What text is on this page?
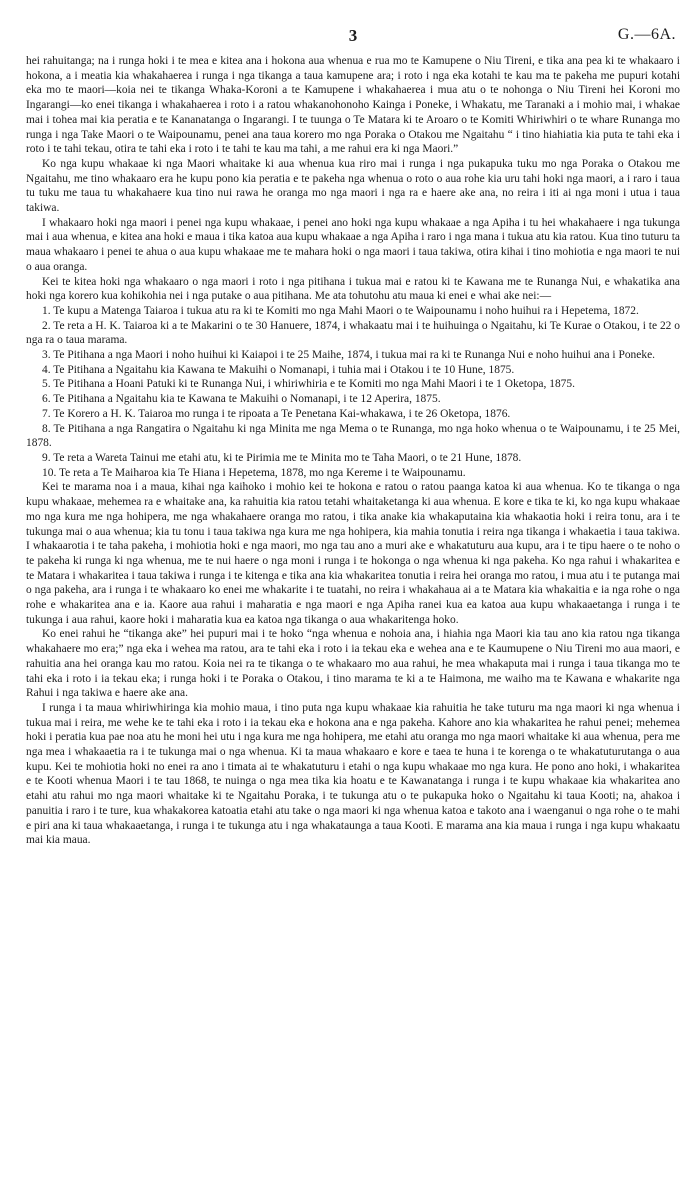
3	G.—6A.

hei rahuitanga; na i runga hoki i te mea e kitea ana i hokona aua whenua e rua mo te Kamupene o Niu Tireni, e tika ana pea ki te whakaaro i hokona, a i meatia kia whakahaerea i runga i nga tikanga a taua kamupene ara; i roto i nga eka kotahi te kau ma te pakeha me pupuri kotahi eka mo te maori—koia nei te tikanga Whaka-Koroni a te Kamupene i whakahaerea i mua atu o te nohonga o Niu Tireni hei Koroni mo Ingarangi—ko enei tikanga i whakahaerea i roto i a ratou whakanohonoho Kainga i Poneke, i Whakatu, me Taranaki a i mohio mai, i whakae mai i tohea mai kia peratia e te Kananatanga o Ingarangi. I te tuunga o Te Matara ki te Aroaro o te Komiti Whiriwhiri o te whare Runanga mo runga i nga Take Maori o te Waipounamu, penei ana taua korero mo nga Poraka o Otakou me Ngaitahu “ i tino hiahiatia kia puta te tahi eka i roto i te tahi tekau, otira te tahi eka i roto i te tahi te kau ma tahi, a me rahui era ki nga Maori.”

Ko nga kupu whakaae ki nga Maori whaitake ki aua whenua kua riro mai i runga i nga pukapuka tuku mo nga Poraka o Otakou me Ngaitahu, me tino whakaaro era he kupu pono kia peratia e te pakeha nga whenua o roto o aua rohe kia uru tahi hoki nga maori, a i raro i taua tu tuku me taua tu whakahaere kua tino nui rawa he oranga mo nga maori i nga ra e haere ake ana, no reira i iti ai nga moni i utua i taua takiwa.

I whakaaro hoki nga maori i penei nga kupu whakaae, i penei ano hoki nga kupu whakaae a nga Apiha i tu hei whakahaere i nga tukunga mai i aua whenua, e kitea ana hoki e maua i tika katoa aua kupu whakaae a nga Apiha i raro i nga mana i tukua atu kia ratou. Kua tino tuturu ta maua whakaaro i penei te ahua o aua kupu whakaae me te mahara hoki o nga maori i taua takiwa, otira kihai i tino mohiotia e nga maori te nui o aua oranga.

Kei te kitea hoki nga whakaaro o nga maori i roto i nga pitihana i tukua mai e ratou ki te Kawana me te Runanga Nui, e whakatika ana hoki nga korero kua kohikohia nei i nga putake o aua pitihana. Me ata tohutohu atu maua ki enei e whai ake nei:—

1. Te kupu a Matenga Taiaroa i tukua atu ra ki te Komiti mo nga Mahi Maori o te Waipounamu i noho huihui ra i Hepetema, 1872.

2. Te reta a H. K. Taiaroa ki a te Makarini o te 30 Hanuere, 1874, i whakaatu mai i te huihuinga o Ngaitahu, ki Te Kurae o Otakou, i te 22 o nga ra o taua marama.

3. Te Pitihana a nga Maori i noho huihui ki Kaiapoi i te 25 Maihe, 1874, i tukua mai ra ki te Runanga Nui e noho huihui ana i Poneke.

4. Te Pitihana a Ngaitahu kia Kawana te Makuihi o Nomanapi, i tuhia mai i Otakou i te 10 Hune, 1875.

5. Te Pitihana a Hoani Patuki ki te Runanga Nui, i whiriwhiria e te Komiti mo nga Mahi Maori i te 1 Oketopa, 1875.

6. Te Pitihana a Ngaitahu kia te Kawana te Makuihi o Nomanapi, i te 12 Aperira, 1875.

7. Te Korero a H. K. Taiaroa mo runga i te ripoata a Te Penetana Kai-whakawa, i te 26 Oketopa, 1876.

8. Te Pitihana a nga Rangatira o Ngaitahu ki nga Minita me nga Mema o te Runanga, mo nga hoko whenua o te Waipounamu, i te 25 Mei, 1878.

9. Te reta a Wareta Tainui me etahi atu, ki te Pirimia me te Minita mo te Taha Maori, o te 21 Hune, 1878.

10. Te reta a Te Maiharoa kia Te Hiana i Hepetema, 1878, mo nga Kereme i te Waipounamu.

Kei te marama noa i a maua, kihai nga kaihoko i mohio kei te hokona e ratou o ratou paanga katoa ki aua whenua. Ko te tikanga o nga kupu whakaae, mehemea ra e whaitake ana, ka rahuitia kia ratou tetahi whaitaketanga ki aua whenua. E kore e tika te ki, ko nga kupu whakaae mo nga kura me nga hohipera, me nga whakahaere oranga mo ratou, i tika anake kia whakaputaina kia whakaotia hoki i reira tonu, ara i te tukunga mai o aua whenua; kia tu tonu i taua takiwa nga kura me nga hohipera, kia mahia tonutia i reira nga tikanga i whakaetia i taua takiwa. I whakaarotia i te taha pakeha, i mohiotia hoki e nga maori, mo nga tau ano a muri ake e whakatuturu aua kupu, ara i te tipu haere o te noho o te pakeha ki runga ki nga whenua, me te nui haere o nga moni i runga i te hokonga o nga whenua ki nga pakeha. Ko nga rahui i whakaritea e te Matara i whakaritea i taua takiwa i runga i te kitenga e tika ana kia whakaritea tonutia i reira hei oranga mo ratou, i mua atu i te putanga mai o nga pakeha, ara i runga i te whakaaro ko enei me whakarite i te tuatahi, no reira i whakahaua ai a te Matara kia whakaitia e ia nga rohe o nga rohe e whakaritea ana e ia. Kaore aua rahui i maharatia e nga maori e nga Apiha ranei kua ea katoa aua kupu whakaaetanga i runga i te tukunga i aua rahui, kaore hoki i maharatia kua ea katoa nga tikanga o aua whakaritenga hoko.

Ko enei rahui he “tikanga ake” hei pupuri mai i te hoko “nga whenua e nohoia ana, i hiahia nga Maori kia tau ano kia ratou nga tikanga whakahaere mo era;” nga eka i wehea ma ratou, ara te tahi eka i roto i ia tekau eka e wehea ana e te Kaumupene o Niu Tireni mo aua maori, e rahuitia ana hei oranga kau mo ratou. Koia nei ra te tikanga o te whakaaro mo aua rahui, he mea whakaputa mai i runga i taua tikanga mo te tahi eka i roto i ia tekau eka; i runga hoki i te Poraka o Otakou, i tino marama te ki a te Haimona, me waiho ma te Kawana e whakarite nga Rahui i nga takiwa e haere ake ana.

I runga i ta maua whiriwhiringa kia mohio maua, i tino puta nga kupu whakaae kia rahuitia he take tuturu ma nga maori ki nga whenua i tukua mai i reira, me wehe ke te tahi eka i roto i ia tekau eka e hokona ana e nga pakeha. Kahore ano kia whakaritea he rahui penei; mehemea hoki i peratia kua pae noa atu he moni hei utu i nga kura me nga hohipera, me etahi atu oranga mo nga maori whaitake ki aua whenua, pera me nga mea i whakaaetia ra i te tukunga mai o nga whenua. Ki ta maua whakaaro e kore e taea te huna i te korenga o te whakatuturutanga o aua kupu. Kei te mohiotia hoki no enei ra ano i timata ai te whakatuturu i etahi o nga kupu whakaae mo nga kura. He pono ano hoki, i whakaritea e te Kooti whenua Maori i te tau 1868, te nuinga o nga mea tika kia hoatu e te Kawanatanga i runga i te kupu whakaae kia whakaritea ano etahi atu rahui mo nga maori whaitake ki te Ngaitahu Poraka, i te tukunga atu o te pukapuka hoko o Ngaitahu ki taua Kooti; na, ahakoa i panuitia i raro i te ture, kua whakakorea katoatia etahi atu take o nga maori ki nga whenua katoa e takoto ana i waenganui o nga rohe o te mahi e piri ana ki taua whakaaetanga, i runga i te tukunga atu i nga whakataunga a taua Kooti. E marama ana kia maua i runga i nga kupu whakaatu mai kia maua.
